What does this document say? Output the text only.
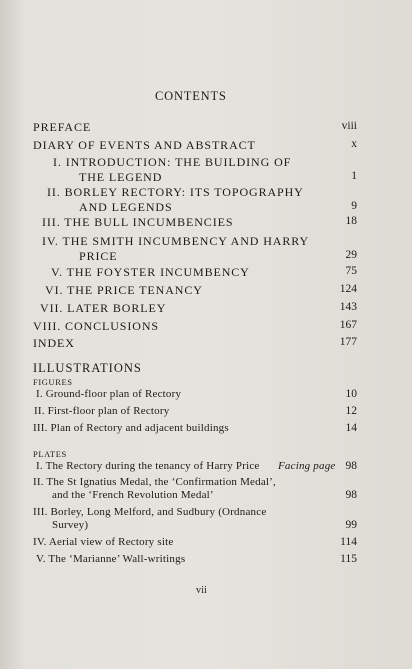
CONTENTS
PREFACE	viii
DIARY OF EVENTS AND ABSTRACT	x
I. INTRODUCTION: THE BUILDING OF
THE LEGEND	1
II. BORLEY RECTORY: ITS TOPOGRAPHY
AND LEGENDS	9
III. THE BULL INCUMBENCIES	18
IV. THE SMITH INCUMBENCY AND HARRY
PRICE	29
V. THE FOYSTER INCUMBENCY	75
VI. THE PRICE TENANCY	124
VII. LATER BORLEY	143
VIII. CONCLUSIONS	167
INDEX	177
ILLUSTRATIONS
FIGURES
I. Ground-floor plan of Rectory	10
II. First-floor plan of Rectory	12
III. Plan of Rectory and adjacent buildings	14
PLATES
I. The Rectory during the tenancy of Harry Price Facing page 98
II. The St Ignatius Medal, the ‘Confirmation Medal’,
and the ‘French Revolution Medal’	98
III. Borley, Long Melford, and Sudbury (Ordnance
Survey)	99
IV. Aerial view of Rectory site	114
V. The ‘Marianne’ Wall-writings	115
vii
